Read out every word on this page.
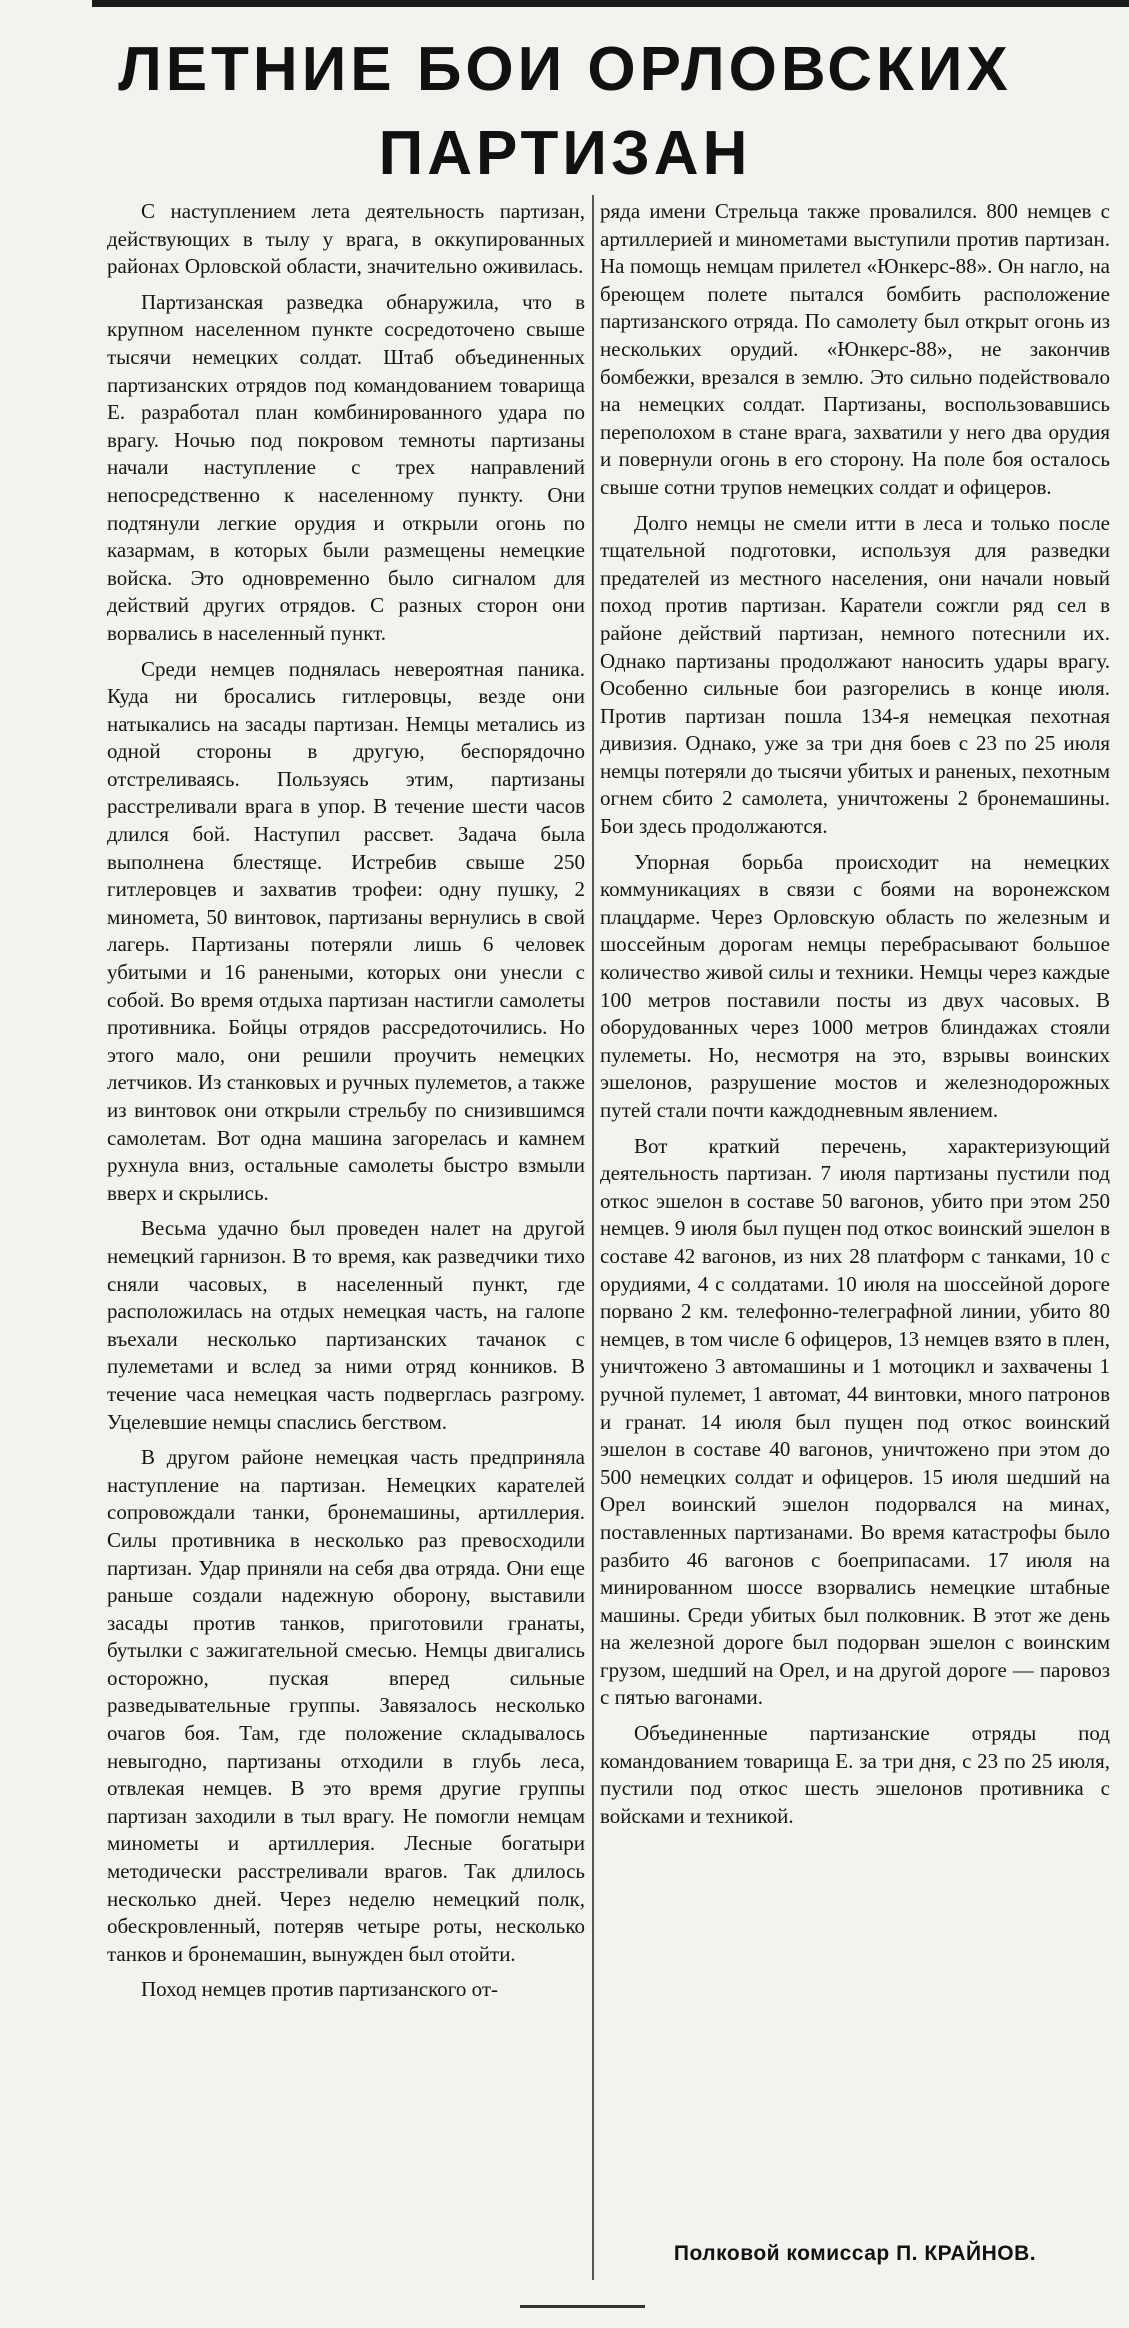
ЛЕТНИЕ БОИ ОРЛОВСКИХ
ПАРТИЗАН

С наступлением лета деятельность партизан, действующих в тылу у врага, в оккупированных районах Орловской области, значительно оживилась.

Партизанская разведка обнаружила, что в крупном населенном пункте сосредоточено свыше тысячи немецких солдат. Штаб объединенных партизанских отрядов под командованием товарища Е. разработал план комбинированного удара по врагу. Ночью под покровом темноты партизаны начали наступление с трех направлений непосредственно к населенному пункту. Они подтянули легкие орудия и открыли огонь по казармам, в которых были размещены немецкие войска. Это одновременно было сигналом для действий других отрядов. С разных сторон они ворвались в населенный пункт.

Среди немцев поднялась невероятная паника. Куда ни бросались гитлеровцы, везде они натыкались на засады партизан. Немцы метались из одной стороны в другую, беспорядочно отстреливаясь. Пользуясь этим, партизаны расстреливали врага в упор. В течение шести часов длился бой. Наступил рассвет. Задача была выполнена блестяще. Истребив свыше 250 гитлеровцев и захватив трофеи: одну пушку, 2 миномета, 50 винтовок, партизаны вернулись в свой лагерь. Партизаны потеряли лишь 6 человек убитыми и 16 ранеными, которых они унесли с собой. Во время отдыха партизан настигли самолеты противника. Бойцы отрядов рассредоточились. Но этого мало, они решили проучить немецких летчиков. Из станковых и ручных пулеметов, а также из винтовок они открыли стрельбу по снизившимся самолетам. Вот одна машина загорелась и камнем рухнула вниз, остальные самолеты быстро взмыли вверх и скрылись.

Весьма удачно был проведен налет на другой немецкий гарнизон. В то время, как разведчики тихо сняли часовых, в населенный пункт, где расположилась на отдых немецкая часть, на галопе въехали несколько партизанских тачанок с пулеметами и вслед за ними отряд конников. В течение часа немецкая часть подверглась разгрому. Уцелевшие немцы спаслись бегством.

В другом районе немецкая часть предприняла наступление на партизан. Немецких карателей сопровождали танки, бронемашины, артиллерия. Силы противника в несколько раз превосходили партизан. Удар приняли на себя два отряда. Они еще раньше создали надежную оборону, выставили засады против танков, приготовили гранаты, бутылки с зажигательной смесью. Немцы двигались осторожно, пуская вперед сильные разведывательные группы. Завязалось несколько очагов боя. Там, где положение складывалось невыгодно, партизаны отходили в глубь леса, отвлекая немцев. В это время другие группы партизан заходили в тыл врагу. Не помогли немцам минометы и артиллерия. Лесные богатыри методически расстреливали врагов. Так длилось несколько дней. Через неделю немецкий полк, обескровленный, потеряв четыре роты, несколько танков и бронемашин, вынужден был отойти.

Поход немцев против партизанского от-

ряда имени Стрельца также провалился. 800 немцев с артиллерией и минометами выступили против партизан. На помощь немцам прилетел «Юнкерс-88». Он нагло, на бреющем полете пытался бомбить расположение партизанского отряда. По самолету был открыт огонь из нескольких орудий. «Юнкерс-88», не закончив бомбежки, врезался в землю. Это сильно подействовало на немецких солдат. Партизаны, воспользовавшись переполохом в стане врага, захватили у него два орудия и повернули огонь в его сторону. На поле боя осталось свыше сотни трупов немецких солдат и офицеров.

Долго немцы не смели итти в леса и только после тщательной подготовки, используя для разведки предателей из местного населения, они начали новый поход против партизан. Каратели сожгли ряд сел в районе действий партизан, немного потеснили их. Однако партизаны продолжают наносить удары врагу. Особенно сильные бои разгорелись в конце июля. Против партизан пошла 134-я немецкая пехотная дивизия. Однако, уже за три дня боев с 23 по 25 июля немцы потеряли до тысячи убитых и раненых, пехотным огнем сбито 2 самолета, уничтожены 2 бронемашины. Бои здесь продолжаются.

Упорная борьба происходит на немецких коммуникациях в связи с боями на воронежском плацдарме. Через Орловскую область по железным и шоссейным дорогам немцы перебрасывают большое количество живой силы и техники. Немцы через каждые 100 метров поставили посты из двух часовых. В оборудованных через 1000 метров блиндажах стояли пулеметы. Но, несмотря на это, взрывы воинских эшелонов, разрушение мостов и железнодорожных путей стали почти каждодневным явлением.

Вот краткий перечень, характеризующий деятельность партизан. 7 июля партизаны пустили под откос эшелон в составе 50 вагонов, убито при этом 250 немцев. 9 июля был пущен под откос воинский эшелон в составе 42 вагонов, из них 28 платформ с танками, 10 с орудиями, 4 с солдатами. 10 июля на шоссейной дороге порвано 2 км. телефонно-телеграфной линии, убито 80 немцев, в том числе 6 офицеров, 13 немцев взято в плен, уничтожено 3 автомашины и 1 мотоцикл и захвачены 1 ручной пулемет, 1 автомат, 44 винтовки, много патронов и гранат. 14 июля был пущен под откос воинский эшелон в составе 40 вагонов, уничтожено при этом до 500 немецких солдат и офицеров. 15 июля шедший на Орел воинский эшелон подорвался на минах, поставленных партизанами. Во время катастрофы было разбито 46 вагонов с боеприпасами. 17 июля на минированном шоссе взорвались немецкие штабные машины. Среди убитых был полковник. В этот же день на железной дороге был подорван эшелон с воинским грузом, шедший на Орел, и на другой дороге — паровоз с пятью вагонами.

Объединенные партизанские отряды под командованием товарища Е. за три дня, с 23 по 25 июля, пустили под откос шесть эшелонов противника с войсками и техникой.

Полковой комиссар П. КРАЙНОВ.
